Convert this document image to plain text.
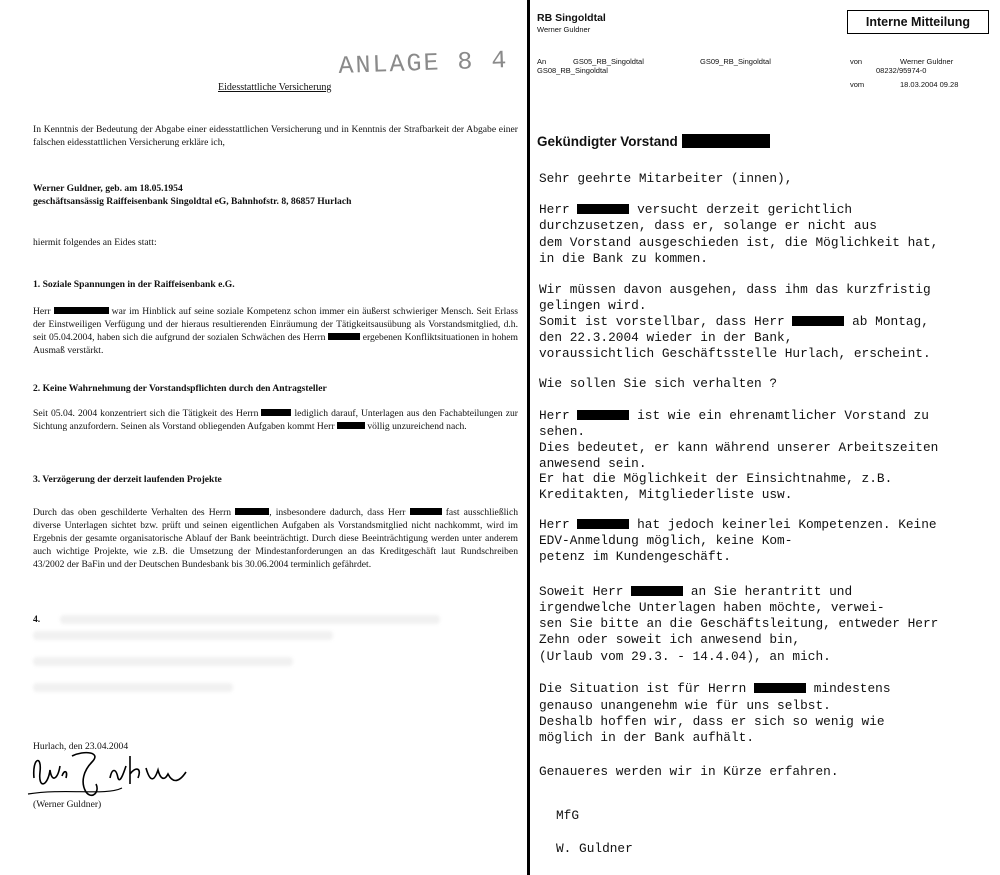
ANLAGE 8 4
Eidesstattliche Versicherung
In Kenntnis der Bedeutung der Abgabe einer eidesstattlichen Versicherung und in Kenntnis der Strafbarkeit der Abgabe einer falschen eidesstattlichen Versicherung erkläre ich,
Werner Guldner, geb. am 18.05.1954
geschäftsansässig Raiffeisenbank Singoldtal eG, Bahnhofstr. 8, 86857 Hurlach
hiermit folgendes an Eides statt:
1. Soziale Spannungen in der Raiffeisenbank e.G.
Herr	war im Hinblick auf seine soziale Kompetenz schon immer ein äußerst schwieriger Mensch. Seit Erlass der Einstweiligen Verfügung und der hieraus resultierenden Einräumung der Tätigkeitsausübung als Vorstandsmitglied, d.h. seit 05.04.2004, haben sich die aufgrund der sozialen Schwächen des Herrn	ergebenen Konfliktsituationen in hohem Ausmaß verstärkt.
2. Keine Wahrnehmung der Vorstandspflichten durch den Antragsteller
Seit 05.04. 2004 konzentriert sich die Tätigkeit des Herrn	lediglich darauf, Unterlagen aus den Fachabteilungen zur Sichtung anzufordern. Seinen als Vorstand obliegenden Aufgaben kommt Herr	völlig unzureichend nach.
3. Verzögerung der derzeit laufenden Projekte
Durch das oben geschilderte Verhalten des Herrn	, insbesondere dadurch, dass Herr	fast ausschließlich diverse Unterlagen sichtet bzw. prüft und seinen eigentlichen Aufgaben als Vorstandsmitglied nicht nachkommt, wird im Ergebnis der gesamte organisatorische Ablauf der Bank beeinträchtigt. Durch diese Beeinträchtigung werden unter anderem auch wichtige Projekte, wie z.B. die Umsetzung der Mindestanforderungen an das Kreditgeschäft laut Rundschreiben 43/2002 der BaFin und der Deutschen Bundesbank bis 30.06.2004 terminlich gefährdet.
4.
Hurlach, den 23.04.2004
(Werner Guldner)
RB Singoldtal
Werner Guldner
Interne Mitteilung
An	GS05_RB_Singoldtal	GS09_RB_Singoldtal
GS08_RB_Singoldtal
von	Werner Guldner
08232/95974-0
vom	18.03.2004 09.28
Gekündigter Vorstand
Sehr geehrte Mitarbeiter (innen),
Herr	versucht derzeit gerichtlich
durchzusetzen, dass er, solange er nicht aus
dem Vorstand ausgeschieden ist, die Möglichkeit hat,
in die Bank zu kommen.
Wir müssen davon ausgehen, dass ihm das kurzfristig
gelingen wird.
Somit ist vorstellbar, dass Herr	ab Montag,
den 22.3.2004 wieder in der Bank,
voraussichtlich Geschäftsstelle Hurlach, erscheint.
Wie sollen Sie sich verhalten ?
Herr	ist wie ein ehrenamtlicher Vorstand zu
sehen.
Dies bedeutet, er kann während unserer Arbeitszeiten
anwesend sein.
Er hat die Möglichkeit der Einsichtnahme, z.B.
Kreditakten, Mitgliederliste usw.
Herr	hat jedoch keinerlei Kompetenzen. Keine
EDV-Anmeldung möglich, keine Kom-
petenz im Kundengeschäft.
Soweit Herr	an Sie herantritt und
irgendwelche Unterlagen haben möchte, verwei-
sen Sie bitte an die Geschäftsleitung, entweder Herr
Zehn oder soweit ich anwesend bin,
(Urlaub vom 29.3. - 14.4.04), an mich.
Die Situation ist für Herrn	mindestens
genauso unangenehm wie für uns selbst.
Deshalb hoffen wir, dass er sich so wenig wie
möglich in der Bank aufhält.
Genaueres werden wir in Kürze erfahren.
MfG
W. Guldner
